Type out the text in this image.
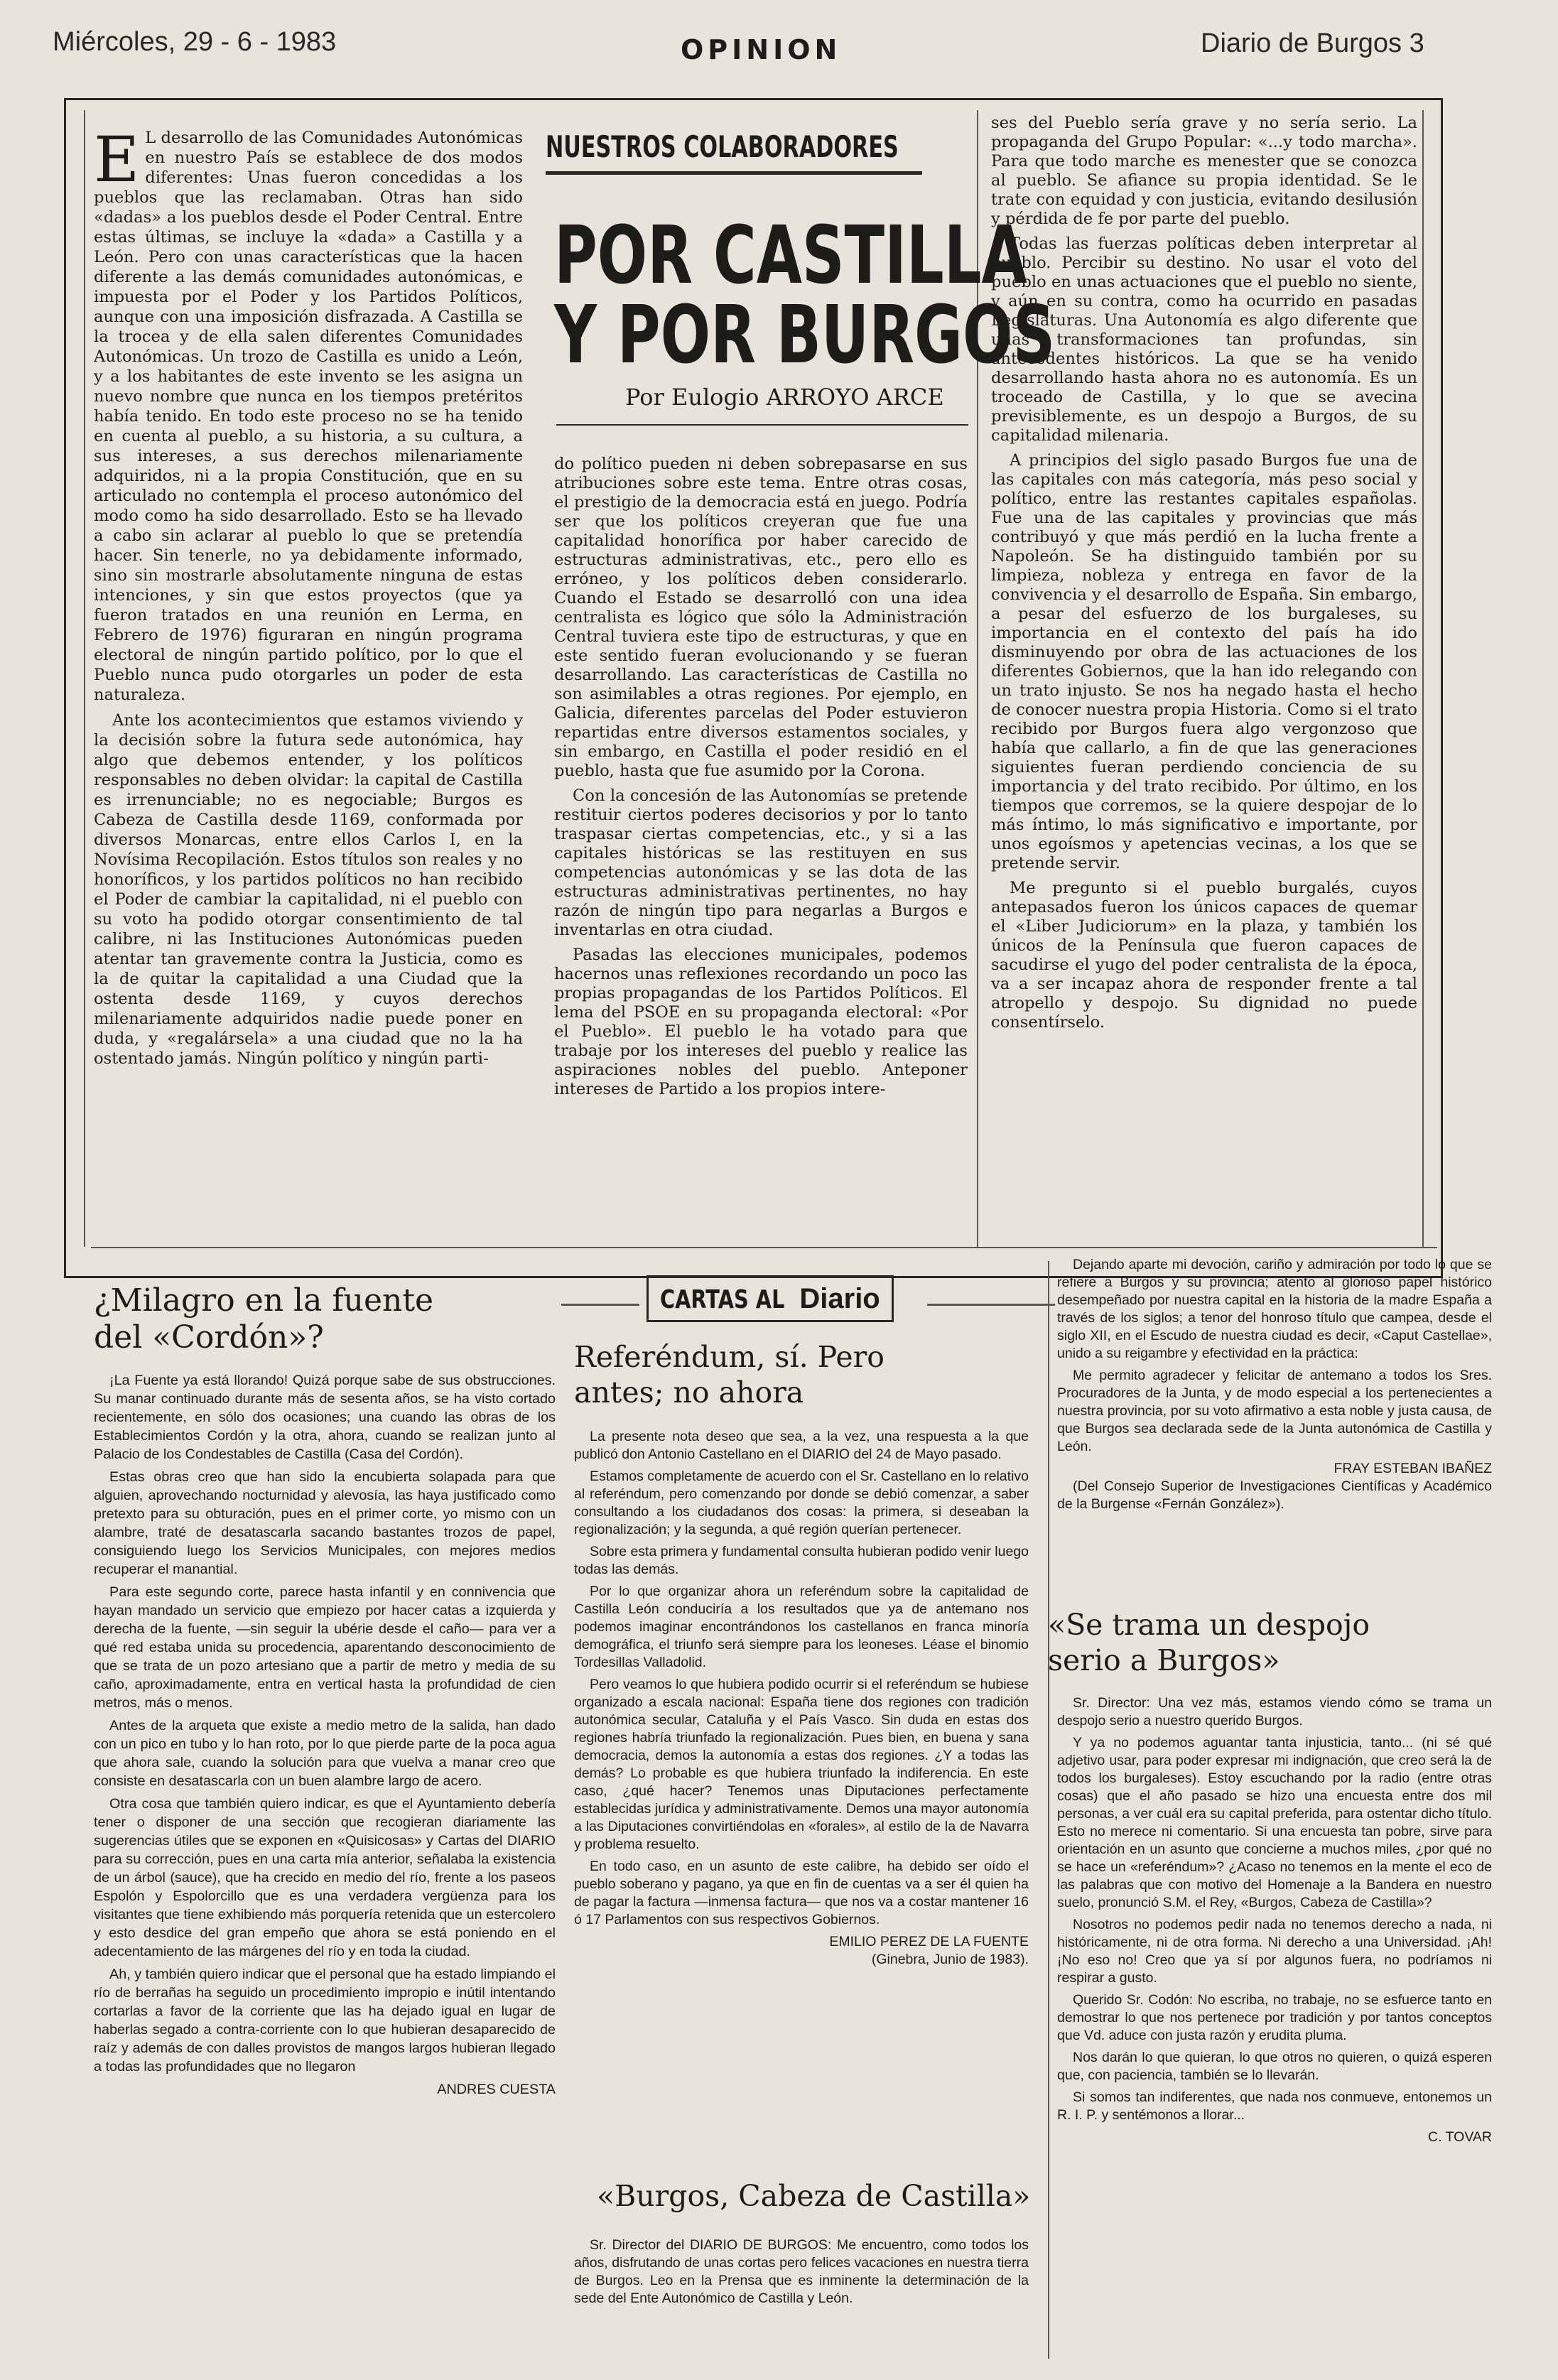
Miércoles, 29 - 6 - 1983	OPINION	Diario de Burgos 3
E L desarrollo de las Comunidades Autonómicas en nuestro País se establece de dos modos diferentes: Unas fueron concedidas a los pueblos que las reclamaban. Otras han sido «dadas» a los pueblos desde el Poder Central. Entre estas últimas, se incluye la «dada» a Castilla y a León. Pero con unas características que la hacen diferente a las demás comunidades autonómicas, e impuesta por el Poder y los Partidos Políticos, aunque con una imposición disfrazada. A Castilla se la trocea y de ella salen diferentes Comunidades Autonómicas. Un trozo de Castilla es unido a León, y a los habitantes de este invento se les asigna un nuevo nombre que nunca en los tiempos pretéritos había tenido. En todo este proceso no se ha tenido en cuenta al pueblo, a su historia, a su cultura, a sus intereses, a sus derechos milenariamente adquiridos, ni a la propia Constitución, que en su articulado no contempla el proceso autonómico del modo como ha sido desarrollado. Esto se ha llevado a cabo sin aclarar al pueblo lo que se pretendía hacer. Sin tenerle, no ya debidamente informado, sino sin mostrarle absolutamente ninguna de estas intenciones, y sin que estos proyectos (que ya fueron tratados en una reunión en Lerma, en Febrero de 1976) figuraran en ningún programa electoral de ningún partido político, por lo que el Pueblo nunca pudo otorgarles un poder de esta naturaleza.

Ante los acontecimientos que estamos viviendo y la decisión sobre la futura sede autonómica, hay algo que debemos entender, y los políticos responsables no deben olvidar: la capital de Castilla es irrenunciable; no es negociable; Burgos es Cabeza de Castilla desde 1169, conformada por diversos Monarcas, entre ellos Carlos I, en la Novísima Recopilación. Estos títulos son reales y no honoríficos, y los partidos políticos no han recibido el Poder de cambiar la capitalidad, ni el pueblo con su voto ha podido otorgar consentimiento de tal calibre, ni las Instituciones Autonómicas pueden atentar tan gravemente contra la Justicia, como es la de quitar la capitalidad a una Ciudad que la ostenta desde 1169, y cuyos derechos milenariamente adquiridos nadie puede poner en duda, y «regalársela» a una ciudad que no la ha ostentado jamás. Ningún político y ningún parti-

NUESTROS COLABORADORES
POR CASTILLA
Y POR BURGOS
Por Eulogio ARROYO ARCE

do político pueden ni deben sobrepasarse en sus atribuciones sobre este tema. Entre otras cosas, el prestigio de la democracia está en juego. Podría ser que los políticos creyeran que fue una capitalidad honorífica por haber carecido de estructuras administrativas, etc., pero ello es erróneo, y los políticos deben considerarlo. Cuando el Estado se desarrolló con una idea centralista es lógico que sólo la Administración Central tuviera este tipo de estructuras, y que en este sentido fueran evolucionando y se fueran desarrollando. Las características de Castilla no son asimilables a otras regiones. Por ejemplo, en Galicia, diferentes parcelas del Poder estuvieron repartidas entre diversos estamentos sociales, y sin embargo, en Castilla el poder residió en el pueblo, hasta que fue asumido por la Corona.

Con la concesión de las Autonomías se pretende restituir ciertos poderes decisorios y por lo tanto traspasar ciertas competencias, etc., y si a las capitales históricas se las restituyen en sus competencias autonómicas y se las dota de las estructuras administrativas pertinentes, no hay razón de ningún tipo para negarlas a Burgos e inventarlas en otra ciudad.

Pasadas las elecciones municipales, podemos hacernos unas reflexiones recordando un poco las propias propagandas de los Partidos Políticos. El lema del PSOE en su propaganda electoral: «Por el Pueblo». El pueblo le ha votado para que trabaje por los intereses del pueblo y realice las aspiraciones nobles del pueblo. Anteponer intereses de Partido a los propios intere-

ses del Pueblo sería grave y no sería serio. La propaganda del Grupo Popular: «...y todo marcha». Para que todo marche es menester que se conozca al pueblo. Se afiance su propia identidad. Se le trate con equidad y con justicia, evitando desilusión y pérdida de fe por parte del pueblo.

Todas las fuerzas políticas deben interpretar al pueblo. Percibir su destino. No usar el voto del pueblo en unas actuaciones que el pueblo no siente, y aún en su contra, como ha ocurrido en pasadas Legislaturas. Una Autonomía es algo diferente que unas transformaciones tan profundas, sin antecedentes históricos. La que se ha venido desarrollando hasta ahora no es autonomía. Es un troceado de Castilla, y lo que se avecina previsiblemente, es un despojo a Burgos, de su capitalidad milenaria.

A principios del siglo pasado Burgos fue una de las capitales con más categoría, más peso social y político, entre las restantes capitales españolas. Fue una de las capitales y provincias que más contribuyó y que más perdió en la lucha frente a Napoleón. Se ha distinguido también por su limpieza, nobleza y entrega en favor de la convivencia y el desarrollo de España. Sin embargo, a pesar del esfuerzo de los burgaleses, su importancia en el contexto del país ha ido disminuyendo por obra de las actuaciones de los diferentes Gobiernos, que la han ido relegando con un trato injusto. Se nos ha negado hasta el hecho de conocer nuestra propia Historia. Como si el trato recibido por Burgos fuera algo vergonzoso que había que callarlo, a fin de que las generaciones siguientes fueran perdiendo conciencia de su importancia y del trato recibido. Por último, en los tiempos que corremos, se la quiere despojar de lo más íntimo, lo más significativo e importante, por unos egoísmos y apetencias vecinas, a los que se pretende servir.

Me pregunto si el pueblo burgalés, cuyos antepasados fueron los únicos capaces de quemar el «Liber Judiciorum» en la plaza, y también los únicos de la Península que fueron capaces de sacudirse el yugo del poder centralista de la época, va a ser incapaz ahora de responder frente a tal atropello y despojo. Su dignidad no puede consentírselo.

¿Milagro en la fuente
del «Cordón»?

¡La Fuente ya está llorando! Quizá porque sabe de sus obstrucciones. Su manar continuado durante más de sesenta años, se ha visto cortado recientemente, en sólo dos ocasiones; una cuando las obras de los Establecimientos Cordón y la otra, ahora, cuando se realizan junto al Palacio de los Condestables de Castilla (Casa del Cordón).

Estas obras creo que han sido la encubierta solapada para que alguien, aprovechando nocturnidad y alevosía, las haya justificado como pretexto para su obturación, pues en el primer corte, yo mismo con un alambre, traté de desatascarla sacando bastantes trozos de papel, consiguiendo luego los Servicios Municipales, con mejores medios recuperar el manantial.

Para este segundo corte, parece hasta infantil y en connivencia que hayan mandado un servicio que empiezo por hacer catas a izquierda y derecha de la fuente, —sin seguir la ubérie desde el caño— para ver a qué red estaba unida su procedencia, aparentando desconocimiento de que se trata de un pozo artesiano que a partir de metro y media de su caño, aproximadamente, entra en vertical hasta la profundidad de cien metros, más o menos.

Antes de la arqueta que existe a medio metro de la salida, han dado con un pico en tubo y lo han roto, por lo que pierde parte de la poca agua que ahora sale, cuando la solución para que vuelva a manar creo que consiste en desatascarla con un buen alambre largo de acero.

Otra cosa que también quiero indicar, es que el Ayuntamiento debería tener o disponer de una sección que recogieran diariamente las sugerencias útiles que se exponen en «Quisicosas» y Cartas del DIARIO para su corrección, pues en una carta mía anterior, señalaba la existencia de un árbol (sauce), que ha crecido en medio del río, frente a los paseos Espolón y Espolorcillo que es una verdadera vergüenza para los visitantes que tiene exhibiendo más porquería retenida que un estercolero y esto desdice del gran empeño que ahora se está poniendo en el adecentamiento de las márgenes del río y en toda la ciudad.

Ah, y también quiero indicar que el personal que ha estado limpiando el río de berrañas ha seguido un procedimiento impropio e inútil intentando cortarlas a favor de la corriente que las ha dejado igual en lugar de haberlas segado a contra-corriente con lo que hubieran desaparecido de raíz y además de con dalles provistos de mangos largos hubieran llegado a todas las profundidades que no llegaron

ANDRES CUESTA

CARTAS AL Diario
Referéndum, sí. Pero
antes; no ahora

La presente nota deseo que sea, a la vez, una respuesta a la que publicó don Antonio Castellano en el DIARIO del 24 de Mayo pasado.

Estamos completamente de acuerdo con el Sr. Castellano en lo relativo al referéndum, pero comenzando por donde se debió comenzar, a saber consultando a los ciudadanos dos cosas: la primera, si deseaban la regionalización; y la segunda, a qué región querían pertenecer.

Sobre esta primera y fundamental consulta hubieran podido venir luego todas las demás.

Por lo que organizar ahora un referéndum sobre la capitalidad de Castilla León conduciría a los resultados que ya de antemano nos podemos imaginar encontrándonos los castellanos en franca minoría demográfica, el triunfo será siempre para los leoneses. Léase el binomio Tordesillas Valladolid.

Pero veamos lo que hubiera podido ocurrir si el referéndum se hubiese organizado a escala nacional: España tiene dos regiones con tradición autonómica secular, Cataluña y el País Vasco. Sin duda en estas dos regiones habría triunfado la regionalización. Pues bien, en buena y sana democracia, demos la autonomía a estas dos regiones. ¿Y a todas las demás? Lo probable es que hubiera triunfado la indiferencia. En este caso, ¿qué hacer? Tenemos unas Diputaciones perfectamente establecidas jurídica y administrativamente. Demos una mayor autonomía a las Diputaciones convirtiéndolas en «forales», al estilo de la de Navarra y problema resuelto.

En todo caso, en un asunto de este calibre, ha debido ser oído el pueblo soberano y pagano, ya que en fin de cuentas va a ser él quien ha de pagar la factura —inmensa factura— que nos va a costar mantener 16 ó 17 Parlamentos con sus respectivos Gobiernos.

EMILIO PEREZ DE LA FUENTE

(Ginebra, Junio de 1983).

«Burgos, Cabeza de Castilla»

Sr. Director del DIARIO DE BURGOS: Me encuentro, como todos los años, disfrutando de unas cortas pero felices vacaciones en nuestra tierra de Burgos. Leo en la Prensa que es inminente la determinación de la sede del Ente Autonómico de Castilla y León.

Dejando aparte mi devoción, cariño y admiración por todo lo que se refiere a Burgos y su provincia; atento al glorioso papel histórico desempeñado por nuestra capital en la historia de la madre España a través de los siglos; a tenor del honroso título que campea, desde el siglo XII, en el Escudo de nuestra ciudad es decir, «Caput Castellae», unido a su reigambre y efectividad en la práctica:

Me permito agradecer y felicitar de antemano a todos los Sres. Procuradores de la Junta, y de modo especial a los pertenecientes a nuestra provincia, por su voto afirmativo a esta noble y justa causa, de que Burgos sea declarada sede de la Junta autonómica de Castilla y León.

FRAY ESTEBAN IBAÑEZ

(Del Consejo Superior de Investigaciones Científicas y Académico de la Burgense «Fernán González»).

«Se trama un despojo
serio a Burgos»

Sr. Director: Una vez más, estamos viendo cómo se trama un despojo serio a nuestro querido Burgos.

Y ya no podemos aguantar tanta injusticia, tanto... (ni sé qué adjetivo usar, para poder expresar mi indignación, que creo será la de todos los burgaleses). Estoy escuchando por la radio (entre otras cosas) que el año pasado se hizo una encuesta entre dos mil personas, a ver cuál era su capital preferida, para ostentar dicho título. Esto no merece ni comentario. Si una encuesta tan pobre, sirve para orientación en un asunto que concierne a muchos miles, ¿por qué no se hace un «referéndum»? ¿Acaso no tenemos en la mente el eco de las palabras que con motivo del Homenaje a la Bandera en nuestro suelo, pronunció S.M. el Rey, «Burgos, Cabeza de Castilla»?

Nosotros no podemos pedir nada no tenemos derecho a nada, ni históricamente, ni de otra forma. Ni derecho a una Universidad. ¡Ah! ¡No eso no! Creo que ya sí por algunos fuera, no podríamos ni respirar a gusto.

Querido Sr. Codón: No escriba, no trabaje, no se esfuerce tanto en demostrar lo que nos pertenece por tradición y por tantos conceptos que Vd. aduce con justa razón y erudita pluma.

Nos darán lo que quieran, lo que otros no quieren, o quizá esperen que, con paciencia, también se lo llevarán.

Si somos tan indiferentes, que nada nos conmueve, entonemos un R. I. P. y sentémonos a llorar...

C. TOVAR
